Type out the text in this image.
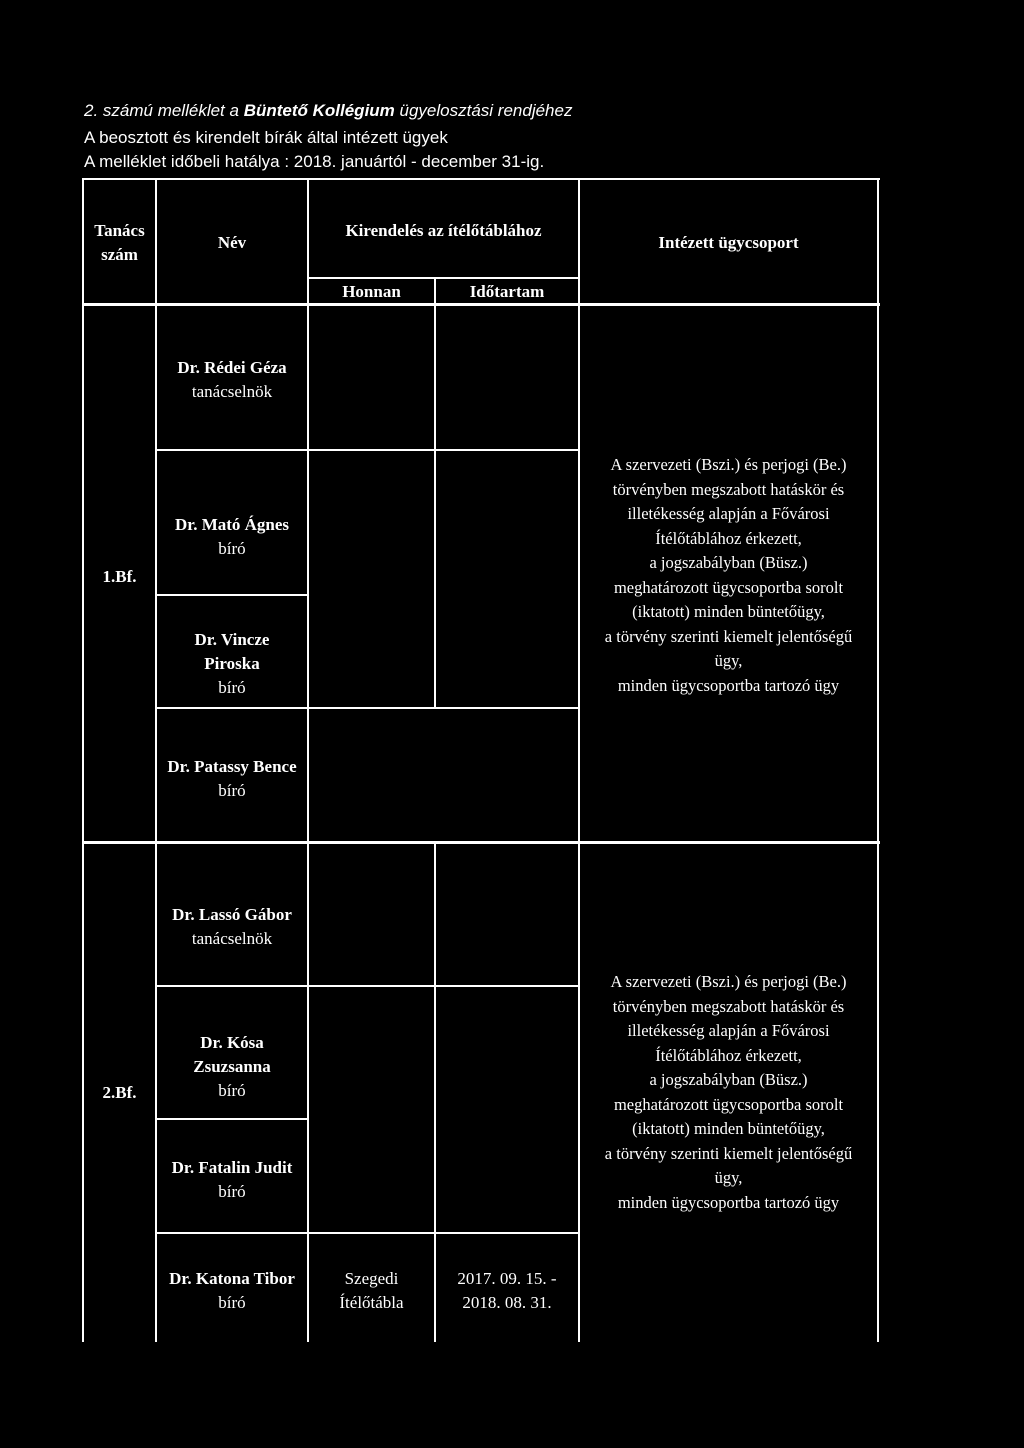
2. számú melléklet a Büntető Kollégium ügyelosztási rendjéhez
A beosztott és kirendelt bírák által intézett ügyek
A melléklet időbeli hatálya : 2018. januártól - december 31-ig.
Tanács
szám
Név
Kirendelés az ítélőtáblához
Honnan	Időtartam
Intézett ügycsoport
1.Bf.
Dr. Rédei Géza
tanácselnök
Dr. Mató Ágnes
bíró
Dr. Vincze
Piroska
bíró
Dr. Patassy Bence
bíró
A szervezeti (Bszi.) és perjogi (Be.)
törvényben megszabott hatáskör és
illetékesség alapján a Fővárosi
Ítélőtáblához érkezett,
a jogszabályban (Büsz.)
meghatározott ügycsoportba sorolt
(iktatott) minden büntetőügy,
a törvény szerinti kiemelt jelentőségű
ügy,
minden ügycsoportba tartozó ügy
2.Bf.
Dr. Lassó Gábor
tanácselnök
Dr. Kósa
Zsuzsanna
bíró
Dr. Fatalin Judit
bíró
Dr. Katona Tibor
bíró
Szegedi
Ítélőtábla
2017. 09. 15. -
2018. 08. 31.
A szervezeti (Bszi.) és perjogi (Be.)
törvényben megszabott hatáskör és
illetékesség alapján a Fővárosi
Ítélőtáblához érkezett,
a jogszabályban (Büsz.)
meghatározott ügycsoportba sorolt
(iktatott) minden büntetőügy,
a törvény szerinti kiemelt jelentőségű
ügy,
minden ügycsoportba tartozó ügy
